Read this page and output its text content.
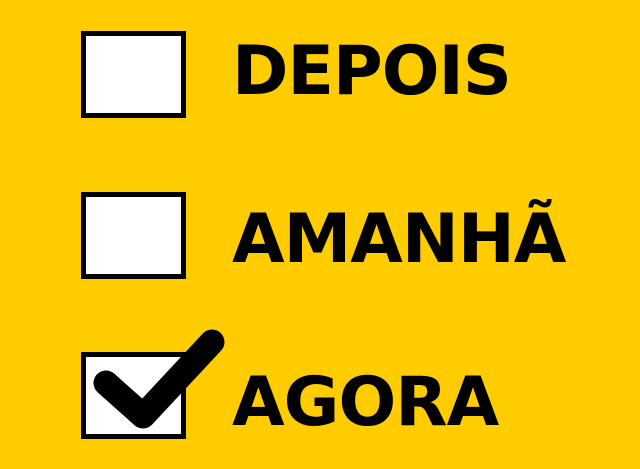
DEPOIS
AMANHÃ
AGORA
